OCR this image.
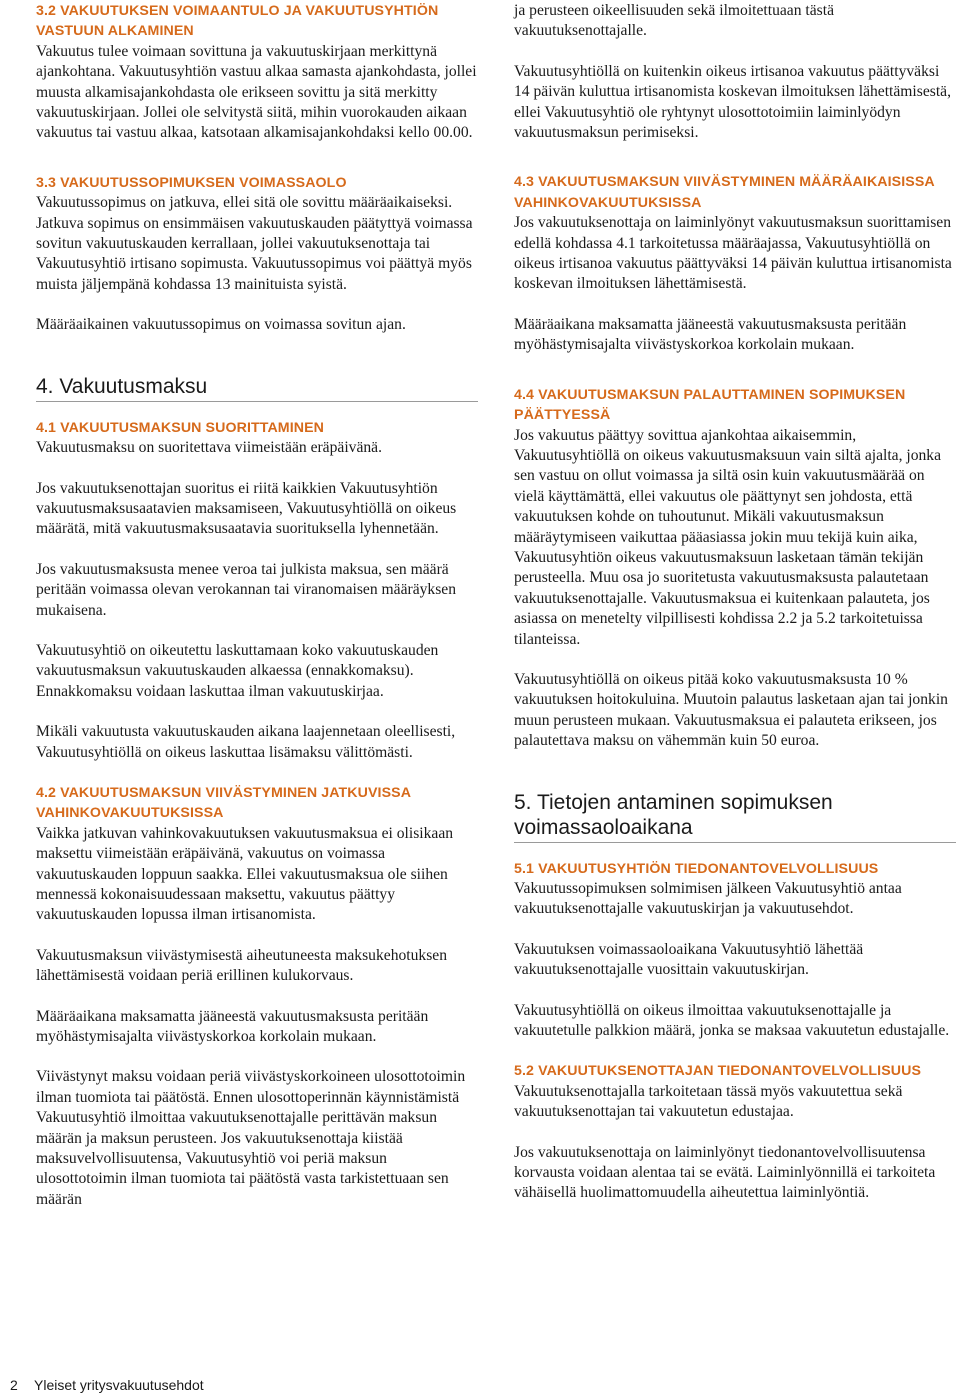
3.2 VAKUUTUKSEN VOIMAANTULO JA VAKUUTUSYHTIÖN VASTUUN ALKAMINEN

Vakuutus tulee voimaan sovittuna ja vakuutuskirjaan merkittynä ajankohtana. Vakuutusyhtiön vastuu alkaa samasta ajankohdasta, jollei muusta alkamisajankohdasta ole erikseen sovittu ja sitä merkitty vakuutuskirjaan. Jollei ole selvitystä siitä, mihin vuorokauden aikaan vakuutus tai vastuu alkaa, katsotaan alkamisajankohdaksi kello 00.00.

3.3 VAKUUTUSSOPIMUKSEN VOIMASSAOLO

Vakuutussopimus on jatkuva, ellei sitä ole sovittu määräaikaiseksi. Jatkuva sopimus on ensimmäisen vakuutuskauden päätyttyä voimassa sovitun vakuutuskauden kerrallaan, jollei vakuutuksenottaja tai Vakuutusyhtiö irtisano sopimusta. Vakuutussopimus voi päättyä myös muista jäljempänä kohdassa 13 mainituista syistä.

Määräaikainen vakuutussopimus on voimassa sovitun ajan.

4. Vakuutusmaksu
4.1 VAKUUTUSMAKSUN SUORITTAMINEN

Vakuutusmaksu on suoritettava viimeistään eräpäivänä.

Jos vakuutuksenottajan suoritus ei riitä kaikkien Vakuutusyhtiön vakuutusmaksusaatavien maksamiseen, Vakuutusyhtiöllä on oikeus määrätä, mitä vakuutusmaksusaatavia suorituksella lyhennetään.

Jos vakuutusmaksusta menee veroa tai julkista maksua, sen määrä peritään voimassa olevan verokannan tai viranomaisen määräyksen mukaisena.

Vakuutusyhtiö on oikeutettu laskuttamaan koko vakuutuskauden vakuutusmaksun vakuutuskauden alkaessa (ennakkomaksu). Ennakkomaksu voidaan laskuttaa ilman vakuutuskirjaa.

Mikäli vakuutusta vakuutuskauden aikana laajennetaan oleellisesti, Vakuutusyhtiöllä on oikeus laskuttaa lisämaksu välittömästi.

4.2 VAKUUTUSMAKSUN VIIVÄSTYMINEN JATKUVISSA VAHINKOVAKUUTUKSISSA

Vaikka jatkuvan vahinkovakuutuksen vakuutusmaksua ei olisikaan maksettu viimeistään eräpäivänä, vakuutus on voimassa vakuutuskauden loppuun saakka. Ellei vakuutusmaksua ole siihen mennessä kokonaisuudessaan maksettu, vakuutus päättyy vakuutuskauden lopussa ilman irtisanomista.

Vakuutusmaksun viivästymisestä aiheutuneesta maksukehotuksen lähettämisestä voidaan periä erillinen kulukorvaus.

Määräaikana maksamatta jääneestä vakuutusmaksusta peritään myöhästymisajalta viivästyskorkoa korkolain mukaan.

Viivästynyt maksu voidaan periä viivästyskorkoineen ulosottotoimin ilman tuomiota tai päätöstä. Ennen ulosottoperinnän käynnistämistä Vakuutusyhtiö ilmoittaa vakuutuksenottajalle perittävän maksun määrän ja maksun perusteen. Jos vakuutuksenottaja kiistää maksuvelvollisuutensa, Vakuutusyhtiö voi periä maksun ulosottotoimin ilman tuomiota tai päätöstä vasta tarkistettuaan sen määrän

ja perusteen oikeellisuuden sekä ilmoitettuaan tästä vakuutuksenottajalle.

Vakuutusyhtiöllä on kuitenkin oikeus irtisanoa vakuutus päättyväksi 14 päivän kuluttua irtisanomista koskevan ilmoituksen lähettämisestä, ellei Vakuutusyhtiö ole ryhtynyt ulosottotoimiin laiminlyödyn vakuutusmaksun perimiseksi.

4.3 VAKUUTUSMAKSUN VIIVÄSTYMINEN MÄÄRÄAIKAISISSA VAHINKOVAKUUTUKSISSA

Jos vakuutuksenottaja on laiminlyönyt vakuutusmaksun suorittamisen edellä kohdassa 4.1 tarkoitetussa määräajassa, Vakuutusyhtiöllä on oikeus irtisanoa vakuutus päättyväksi 14 päivän kuluttua irtisanomista koskevan ilmoituksen lähettämisestä.

Määräaikana maksamatta jääneestä vakuutusmaksusta peritään myöhästymisajalta viivästyskorkoa korkolain mukaan.

4.4 VAKUUTUSMAKSUN PALAUTTAMINEN SOPIMUKSEN PÄÄTTYESSÄ

Jos vakuutus päättyy sovittua ajankohtaa aikaisemmin, Vakuutusyhtiöllä on oikeus vakuutusmaksuun vain siltä ajalta, jonka sen vastuu on ollut voimassa ja siltä osin kuin vakuutusmäärää on vielä käyttämättä, ellei vakuutus ole päättynyt sen johdosta, että vakuutuksen kohde on tuhoutunut. Mikäli vakuutusmaksun määräytymiseen vaikuttaa pääasiassa jokin muu tekijä kuin aika, Vakuutusyhtiön oikeus vakuutusmaksuun lasketaan tämän tekijän perusteella. Muu osa jo suoritetusta vakuutusmaksusta palautetaan vakuutuksenottajalle. Vakuutusmaksua ei kuitenkaan palauteta, jos asiassa on menetelty vilpillisesti kohdissa 2.2 ja 5.2 tarkoitetuissa tilanteissa.

Vakuutusyhtiöllä on oikeus pitää koko vakuutusmaksusta 10 % vakuutuksen hoitokuluina. Muutoin palautus lasketaan ajan tai jonkin muun perusteen mukaan. Vakuutusmaksua ei palauteta erikseen, jos palautettava maksu on vähemmän kuin 50 euroa.

5. Tietojen antaminen sopimuksen
voimassaoloaikana
5.1 VAKUUTUSYHTIÖN TIEDONANTOVELVOLLISUUS

Vakuutussopimuksen solmimisen jälkeen Vakuutusyhtiö antaa vakuutuksenottajalle vakuutuskirjan ja vakuutusehdot.

Vakuutuksen voimassaoloaikana Vakuutusyhtiö lähettää vakuutuksenottajalle vuosittain vakuutuskirjan.

Vakuutusyhtiöllä on oikeus ilmoittaa vakuutuksenottajalle ja vakuutetulle palkkion määrä, jonka se maksaa vakuutetun edustajalle.

5.2 VAKUUTUKSENOTTAJAN TIEDONANTOVELVOLLISUUS

Vakuutuksenottajalla tarkoitetaan tässä myös vakuutettua sekä vakuutuksenottajan tai vakuutetun edustajaa.

Jos vakuutuksenottaja on laiminlyönyt tiedonantovelvollisuutensa korvausta voidaan alentaa tai se evätä. Laiminlyönnillä ei tarkoiteta vähäisellä huolimattomuudella aiheutettua laiminlyöntiä.

2 Yleiset yritysvakuutusehdot
